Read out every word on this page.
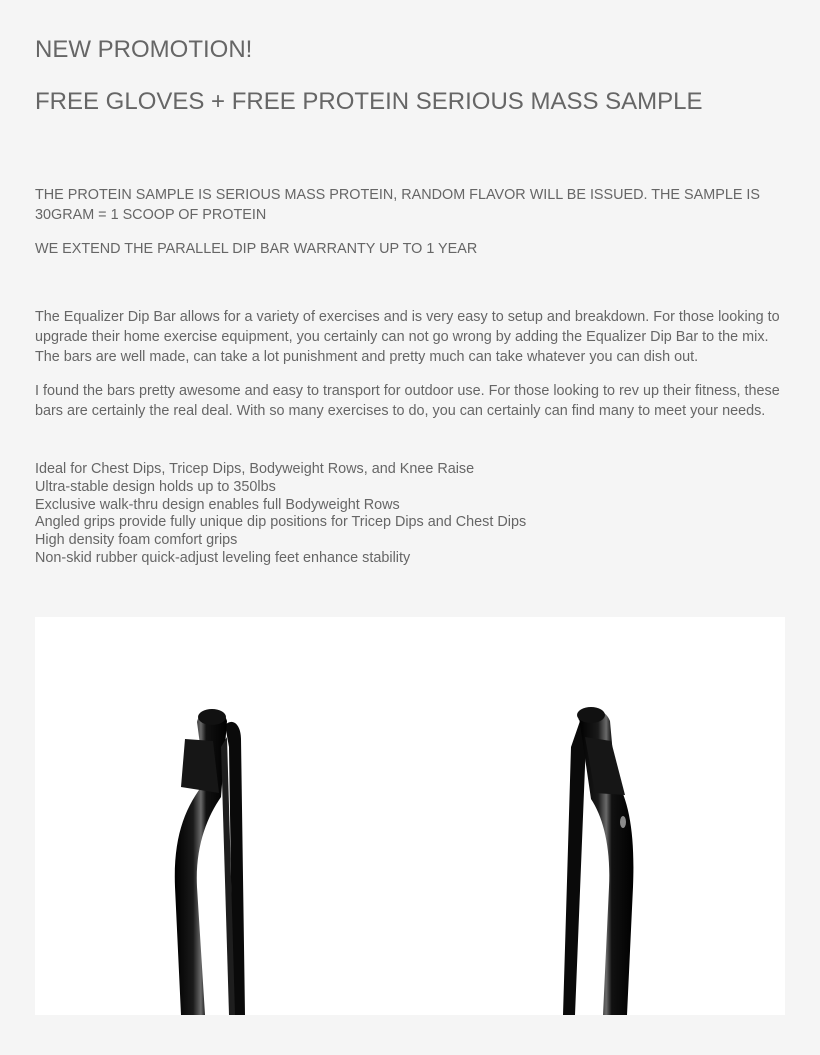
NEW PROMOTION!
FREE GLOVES + FREE PROTEIN SERIOUS MASS SAMPLE

THE PROTEIN SAMPLE IS SERIOUS MASS PROTEIN, RANDOM FLAVOR WILL BE ISSUED. THE SAMPLE IS 30GRAM = 1 SCOOP OF PROTEIN

WE EXTEND THE PARALLEL DIP BAR WARRANTY UP TO 1 YEAR

The Equalizer Dip Bar allows for a variety of exercises and is very easy to setup and breakdown. For those looking to upgrade their home exercise equipment, you certainly can not go wrong by adding the Equalizer Dip Bar to the mix. The bars are well made, can take a lot punishment and pretty much can take whatever you can dish out.

I found the bars pretty awesome and easy to transport for outdoor use. For those looking to rev up their fitness, these bars are certainly the real deal. With so many exercises to do, you can certainly can find many to meet your needs.

Ideal for Chest Dips, Tricep Dips, Bodyweight Rows, and Knee Raise
Ultra-stable design holds up to 350lbs
Exclusive walk-thru design enables full Bodyweight Rows
Angled grips provide fully unique dip positions for Tricep Dips and Chest Dips
High density foam comfort grips
Non-skid rubber quick-adjust leveling feet enhance stability
